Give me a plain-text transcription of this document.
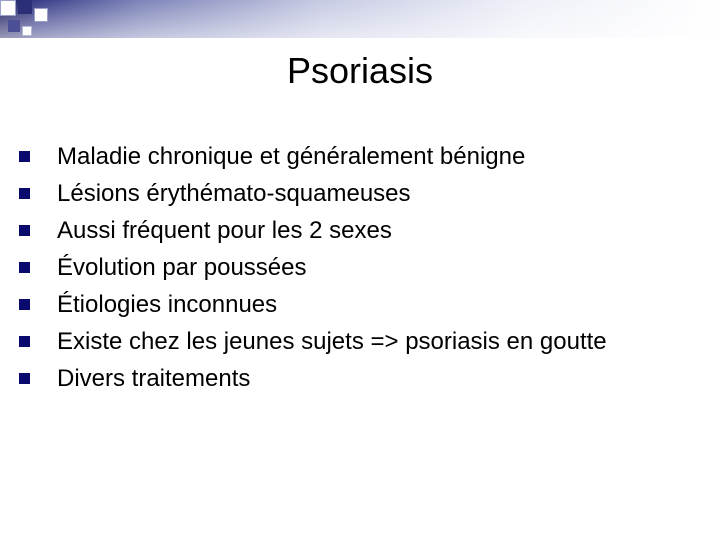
Psoriasis
Maladie chronique et généralement bénigne
Lésions érythémato-squameuses
Aussi fréquent pour les 2 sexes
Évolution par poussées
Étiologies inconnues
Existe chez les jeunes sujets => psoriasis en goutte
Divers traitements
